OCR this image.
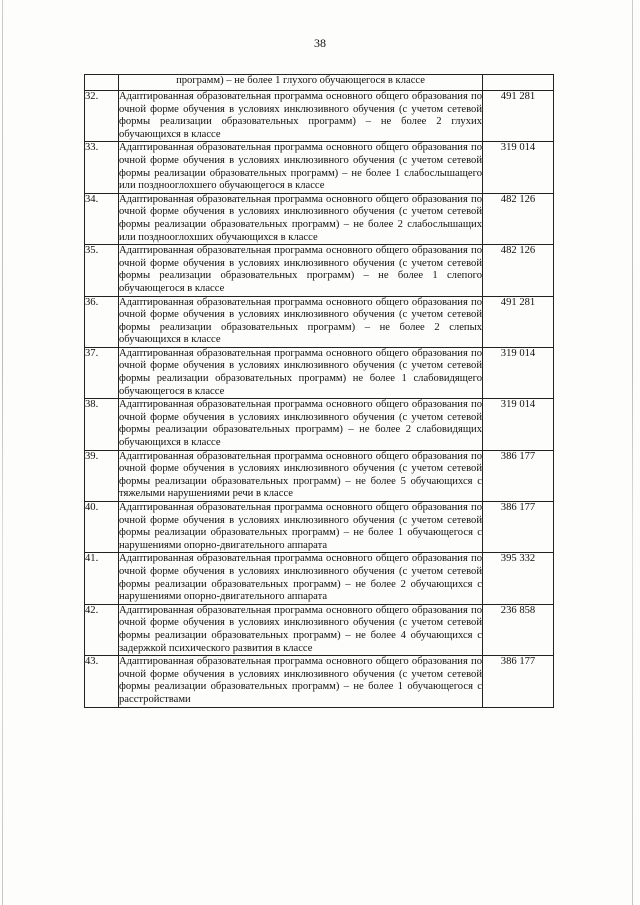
38
	программ) – не более 1 глухого обучающегося в классе	
32.	Адаптированная образовательная программа основного общего образования по очной форме обучения в условиях инклюзивного обучения (с учетом сетевой формы реализации образовательных программ) – не более 2 глухих обучающихся в классе	491 281
33.	Адаптированная образовательная программа основного общего образования по очной форме обучения в условиях инклюзивного обучения (с учетом сетевой формы реализации образовательных программ) – не более 1 слабослышащего или позднооглохшего обучающегося в классе	319 014
34.	Адаптированная образовательная программа основного общего образования по очной форме обучения в условиях инклюзивного обучения (с учетом сетевой формы реализации образовательных программ) – не более 2 слабослышащих или позднооглохших обучающихся в классе	482 126
35.	Адаптированная образовательная программа основного общего образования по очной форме обучения в условиях инклюзивного обучения (с учетом сетевой формы реализации образовательных программ) – не более 1 слепого обучающегося в классе	482 126
36.	Адаптированная образовательная программа основного общего образования по очной форме обучения в условиях инклюзивного обучения (с учетом сетевой формы реализации образовательных программ) – не более 2 слепых обучающихся в классе	491 281
37.	Адаптированная образовательная программа основного общего образования по очной форме обучения в условиях инклюзивного обучения (с учетом сетевой формы реализации образовательных программ) не более 1 слабовидящего обучающегося в классе	319 014
38.	Адаптированная образовательная программа основного общего образования по очной форме обучения в условиях инклюзивного обучения (с учетом сетевой формы реализации образовательных программ) – не более 2 слабовидящих обучающихся в классе	319 014
39.	Адаптированная образовательная программа основного общего образования по очной форме обучения в условиях инклюзивного обучения (с учетом сетевой формы реализации образовательных программ) – не более 5 обучающихся с тяжелыми нарушениями речи в классе	386 177
40.	Адаптированная образовательная программа основного общего образования по очной форме обучения в условиях инклюзивного обучения (с учетом сетевой формы реализации образовательных программ) – не более 1 обучающегося с нарушениями опорно-двигательного аппарата	386 177
41.	Адаптированная образовательная программа основного общего образования по очной форме обучения в условиях инклюзивного обучения (с учетом сетевой формы реализации образовательных программ) – не более 2 обучающихся с нарушениями опорно-двигательного аппарата	395 332
42.	Адаптированная образовательная программа основного общего образования по очной форме обучения в условиях инклюзивного обучения (с учетом сетевой формы реализации образовательных программ) – не более 4 обучающихся с задержкой психического развития в классе	236 858
43.	Адаптированная образовательная программа основного общего образования по очной форме обучения в условиях инклюзивного обучения (с учетом сетевой формы реализации образовательных программ) – не более 1 обучающегося с расстройствами	386 177
